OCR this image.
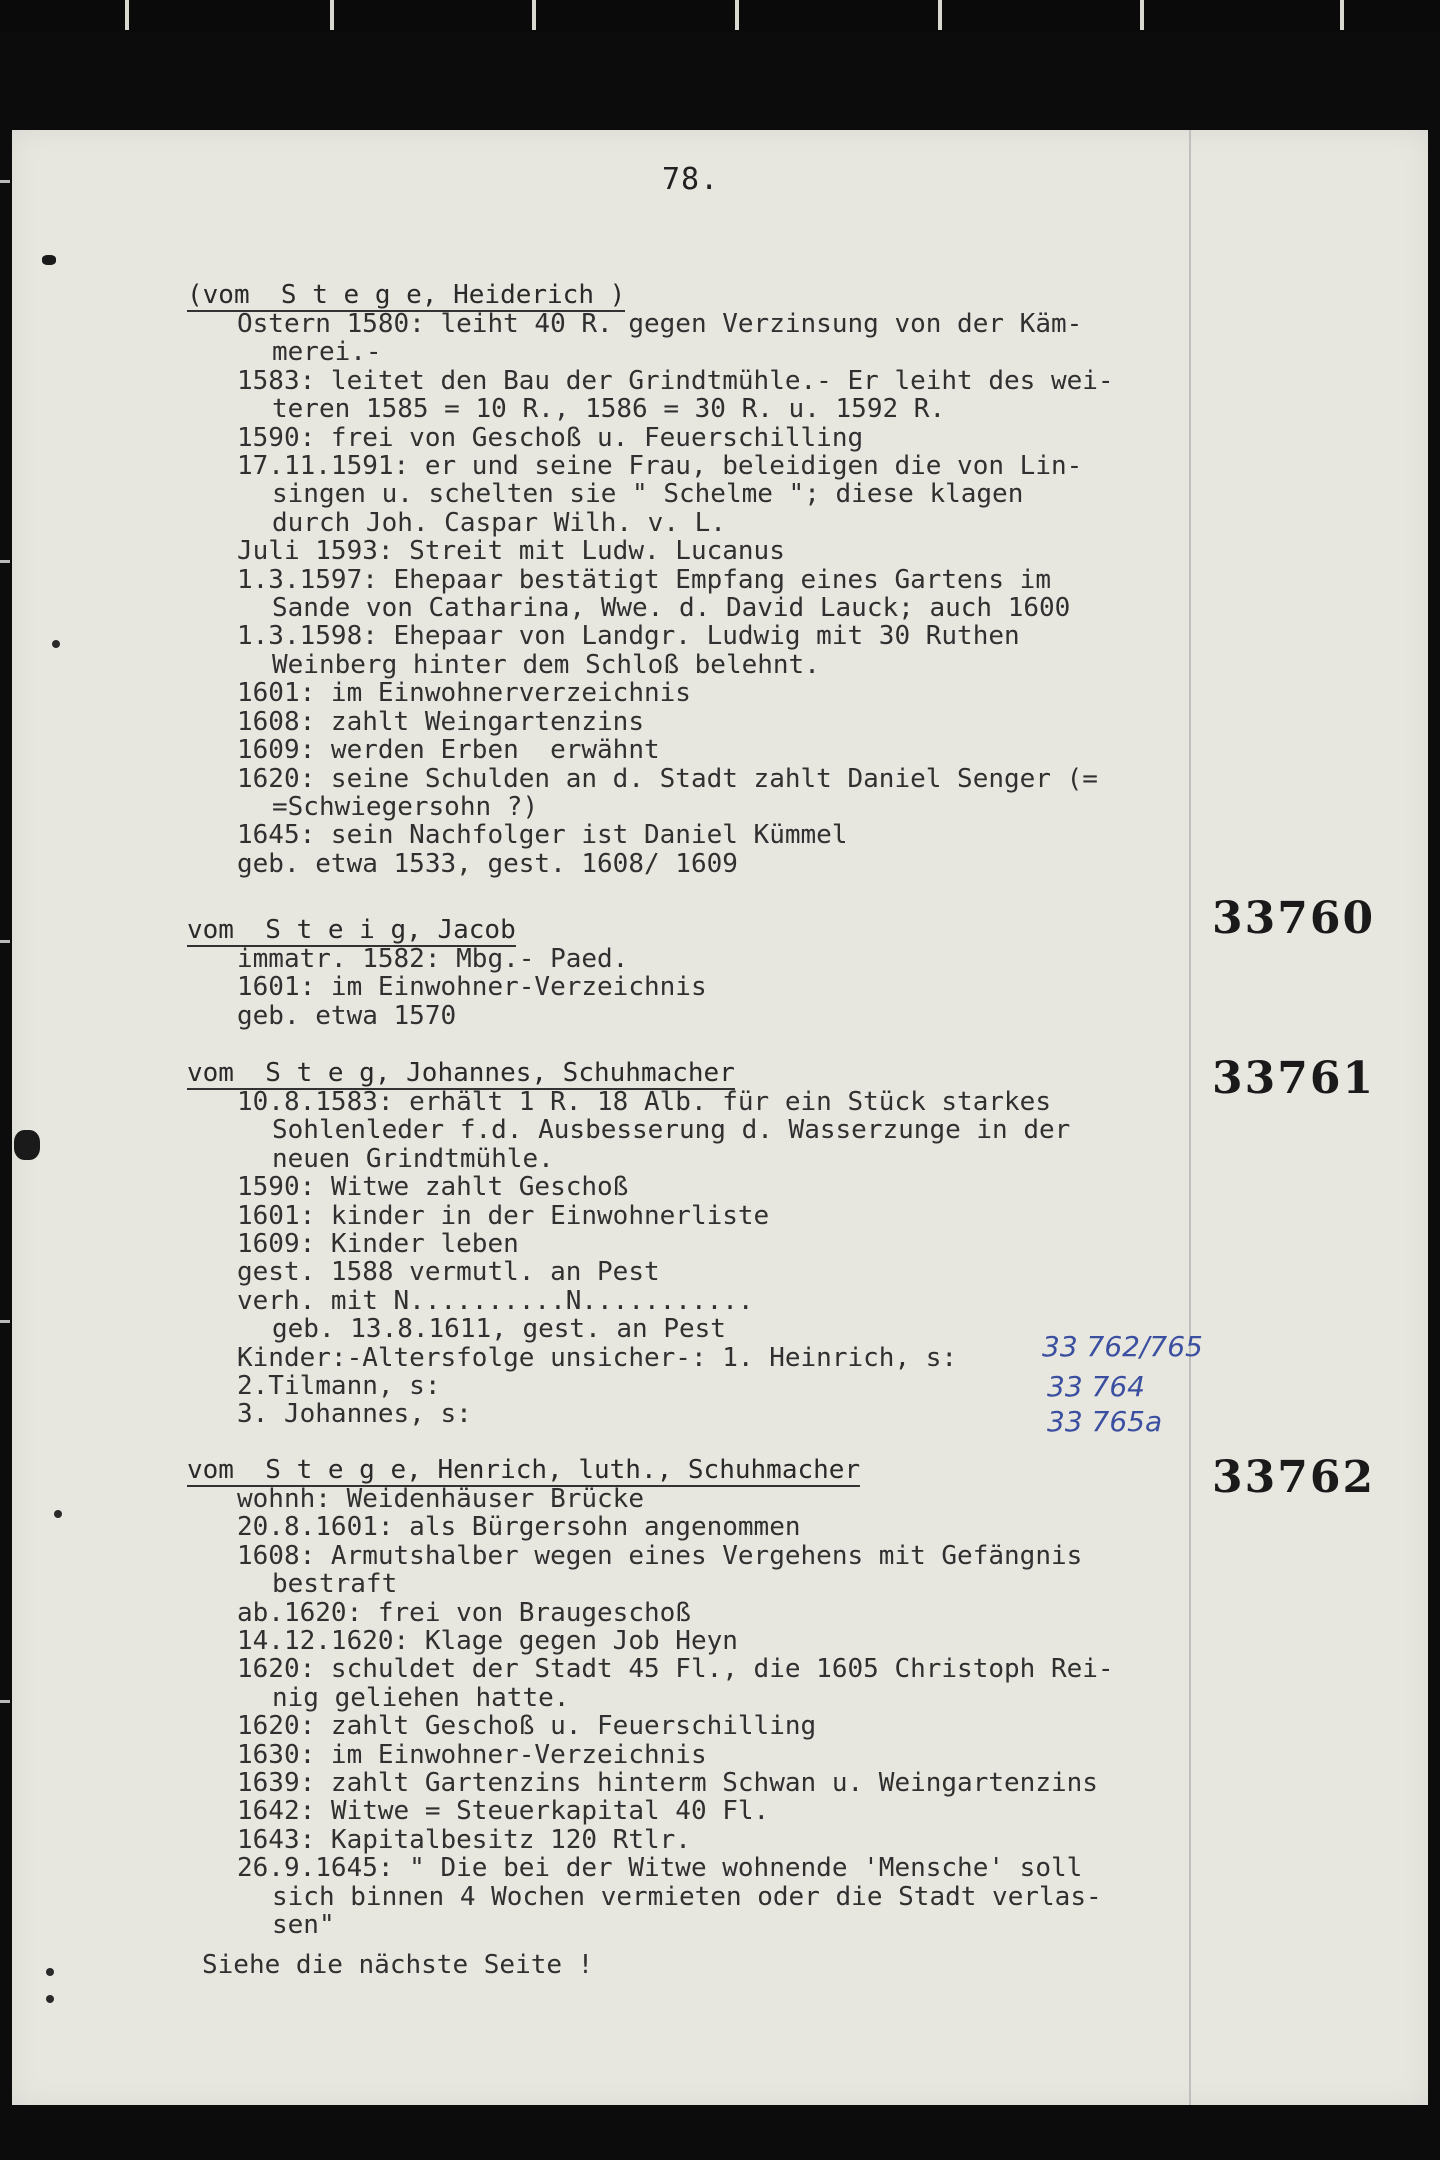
78.
(vom  S t e g e, Heiderich )
Ostern 1580: leiht 40 R. gegen Verzinsung von der Käm-
merei.-
1583: leitet den Bau der Grindtmühle.- Er leiht des wei-
teren 1585 = 10 R., 1586 = 30 R. u. 1592 R.
1590: frei von Geschoß u. Feuerschilling
17.11.1591: er und seine Frau, beleidigen die von Lin-
singen u. schelten sie " Schelme "; diese klagen
durch Joh. Caspar Wilh. v. L.
Juli 1593: Streit mit Ludw. Lucanus
1.3.1597: Ehepaar bestätigt Empfang eines Gartens im
Sande von Catharina, Wwe. d. David Lauck; auch 1600
1.3.1598: Ehepaar von Landgr. Ludwig mit 30 Ruthen
Weinberg hinter dem Schloß belehnt.
1601: im Einwohnerverzeichnis
1608: zahlt Weingartenzins
1609: werden Erben  erwähnt
1620: seine Schulden an d. Stadt zahlt Daniel Senger (=
=Schwiegersohn ?)
1645: sein Nachfolger ist Daniel Kümmel
geb. etwa 1533, gest. 1608/ 1609
vom  S t e i g, Jacob
immatr. 1582: Mbg.- Paed.
1601: im Einwohner-Verzeichnis
geb. etwa 1570
33760
vom  S t e g, Johannes, Schuhmacher
10.8.1583: erhält 1 R. 18 Alb. für ein Stück starkes
Sohlenleder f.d. Ausbesserung d. Wasserzunge in der
neuen Grindtmühle.
1590: Witwe zahlt Geschoß
1601: kinder in der Einwohnerliste
1609: Kinder leben
gest. 1588 vermutl. an Pest
verh. mit N..........N...........
geb. 13.8.1611, gest. an Pest
Kinder:-Altersfolge unsicher-: 1. Heinrich, s:
2.Tilmann, s:
3. Johannes, s:
33761
33 762/765
33 764
33 765a
vom  S t e g e, Henrich, luth., Schuhmacher
wohnh: Weidenhäuser Brücke
20.8.1601: als Bürgersohn angenommen
1608: Armutshalber wegen eines Vergehens mit Gefängnis
bestraft
ab.1620: frei von Braugeschoß
14.12.1620: Klage gegen Job Heyn
1620: schuldet der Stadt 45 Fl., die 1605 Christoph Rei-
nig geliehen hatte.
1620: zahlt Geschoß u. Feuerschilling
1630: im Einwohner-Verzeichnis
1639: zahlt Gartenzins hinterm Schwan u. Weingartenzins
1642: Witwe = Steuerkapital 40 Fl.
1643: Kapitalbesitz 120 Rtlr.
26.9.1645: " Die bei der Witwe wohnende 'Mensche' soll
sich binnen 4 Wochen vermieten oder die Stadt verlas-
sen"
33762
Siehe die nächste Seite !
